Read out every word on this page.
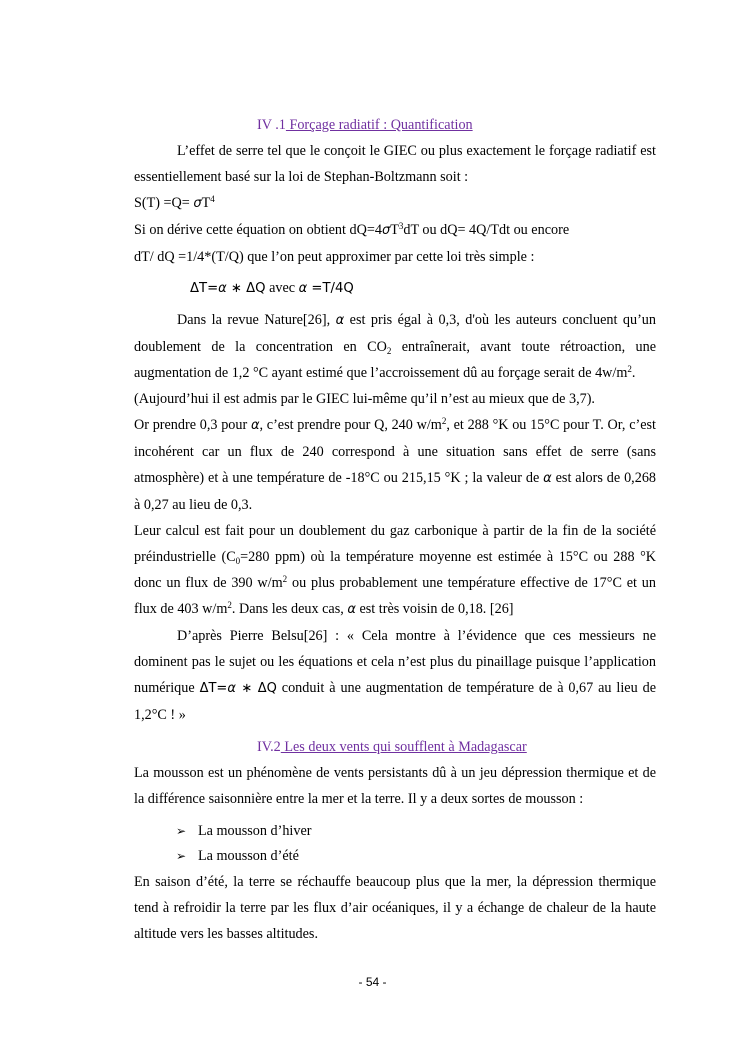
IV .1 Forçage radiatif : Quantification

L’effet de serre tel que le conçoit le GIEC ou plus exactement le forçage radiatif est essentiellement basé sur la loi de Stephan-Boltzmann soit :

$S(T) =Q= \sigma T^4$

Si on dérive cette équation on obtient $dQ=4\sigma T^3dT$ ou dQ= 4Q/Tdt ou encore

dT/ dQ =1/4*(T/Q) que l’on peut approximer par cette loi très simple :

ΔT=α ∗ ΔQ avec α =T/4Q

Dans la revue Nature[26], α est pris égal à 0,3, d'où les auteurs concluent qu’un doublement de la concentration en $CO_2$ entraînerait, avant toute rétroaction, une augmentation de 1,2 °C ayant estimé que l’accroissement dû au forçage serait de $4w/m^2$.

(Aujourd’hui il est admis par le GIEC lui-même qu’il n’est au mieux que de 3,7).

Or prendre 0,3 pour α, c’est prendre pour Q, 240 $w/m^2$, et 288 °K ou 15°C pour T. Or, c’est incohérent car un flux de 240 correspond à une situation sans effet de serre (sans atmosphère) et à une température de -18°C ou 215,15 °K ; la valeur de α est alors de 0,268 à 0,27 au lieu de 0,3.

Leur calcul est fait pour un doublement du gaz carbonique à partir de la fin de la société préindustrielle ($C_0=280$ ppm) où la température moyenne est estimée à 15°C ou 288 °K donc un flux de 390 $w/m^2$ ou plus probablement une température effective de 17°C et un flux de 403 $w/m^2$. Dans les deux cas, α est très voisin de 0,18. [26]

D’après Pierre Belsu[26] : « Cela montre à l’évidence que ces messieurs ne dominent pas le sujet ou les équations et cela n’est plus du pinaillage puisque l’application numérique ΔT=α ∗ ΔQ conduit à une augmentation de température de à 0,67 au lieu de 1,2°C ! »

IV.2 Les deux vents qui soufflent à Madagascar

La mousson est un phénomène de vents persistants dû à un jeu dépression thermique et de la différence saisonnière entre la mer et la terre. Il y a deux sortes de mousson :

➢ La mousson d’hiver
➢ La mousson d’été

En saison d’été, la terre se réchauffe beaucoup plus que la mer, la dépression thermique tend à refroidir la terre par les flux d’air océaniques, il y a échange de chaleur de la haute altitude vers les basses altitudes.

- 54 -
